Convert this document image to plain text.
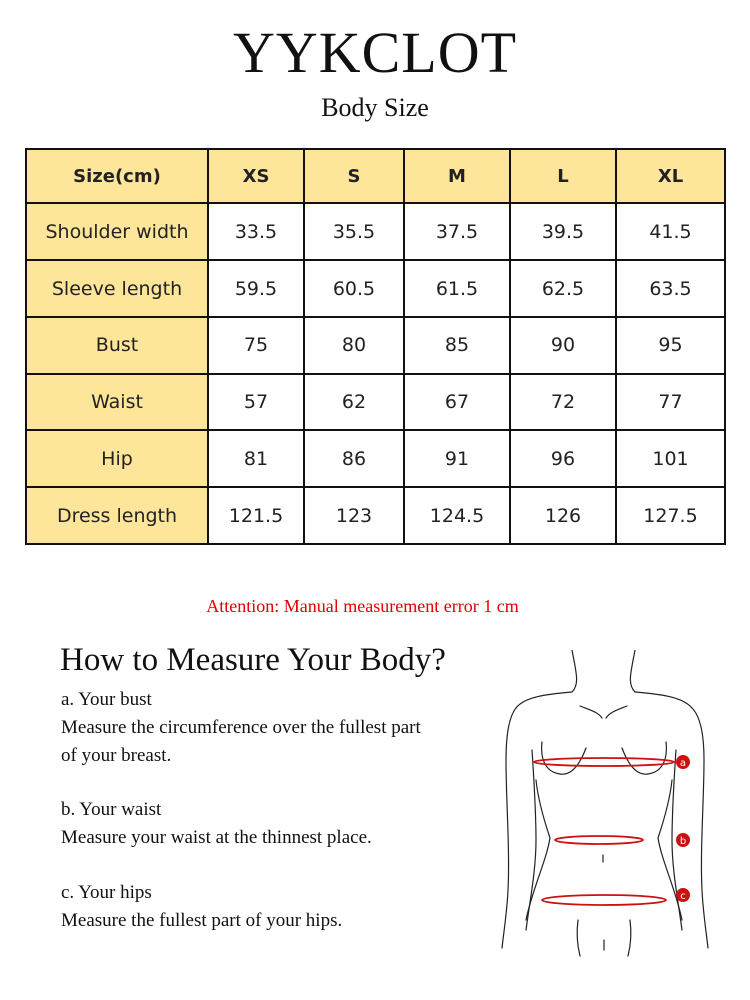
YYKCLOT
Body Size
Size(cm)	XS	S	M	L	XL
Shoulder width	33.5	35.5	37.5	39.5	41.5
Sleeve length	59.5	60.5	61.5	62.5	63.5
Bust	75	80	85	90	95
Waist	57	62	67	72	77
Hip	81	86	91	96	101
Dress length	121.5	123	124.5	126	127.5
Attention: Manual measurement error 1 cm
How to Measure Your Body?
a. Your bust
Measure the circumference over the fullest part
of your breast.
b. Your waist
Measure your waist at the thinnest place.
c. Your hips
Measure the fullest part of your hips.
a
b
c
